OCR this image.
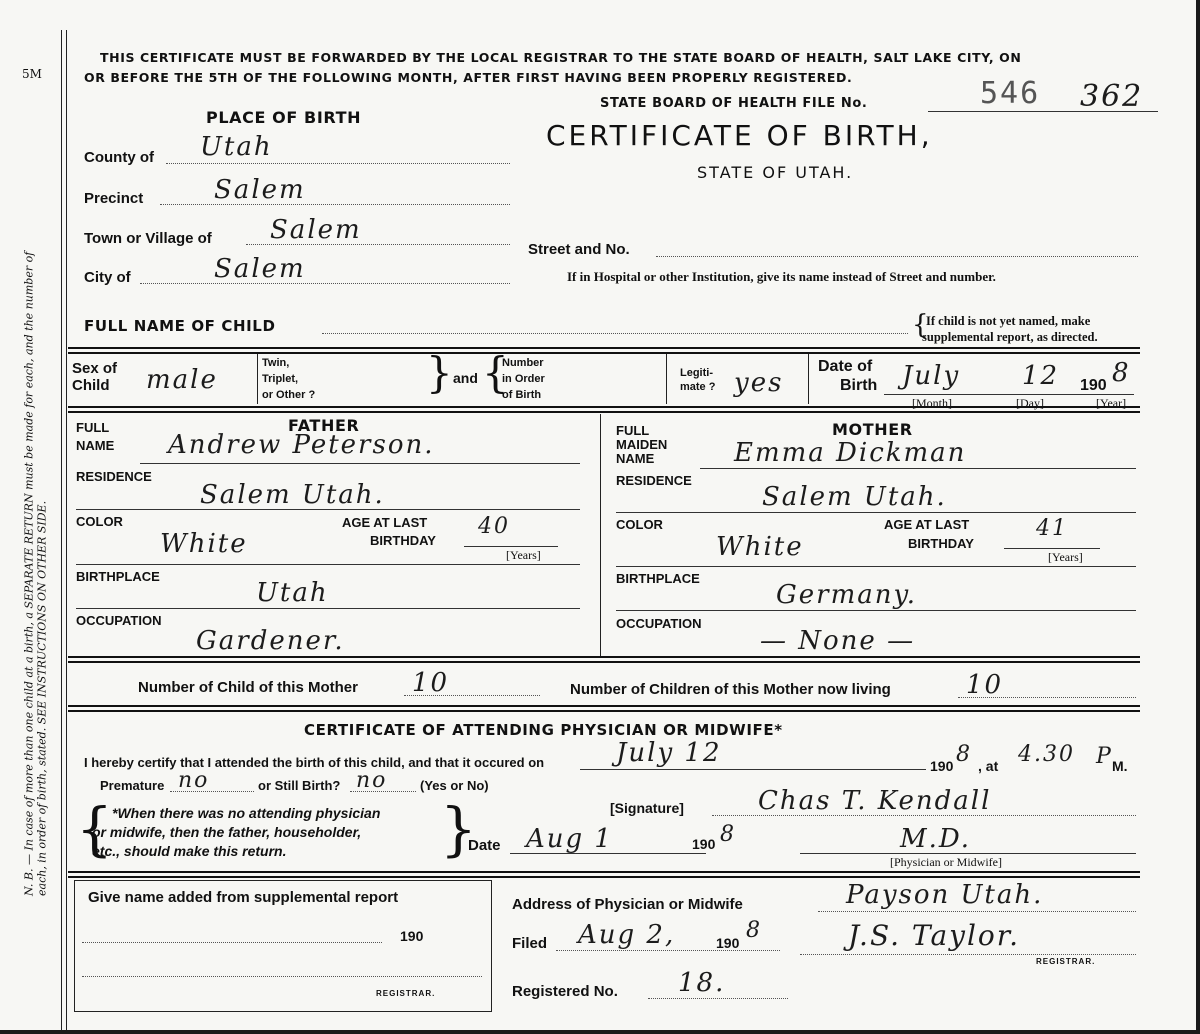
5M
N. B. — In case of more than one child at a birth, a SEPARATE RETURN must be made for each, and the number of each, in order of birth, stated. SEE INSTRUCTIONS ON OTHER SIDE.
THIS CERTIFICATE MUST BE FORWARDED BY THE LOCAL REGISTRAR TO THE STATE BOARD OF HEALTH, SALT LAKE CITY, ON
OR BEFORE THE 5TH OF THE FOLLOWING MONTH, AFTER FIRST HAVING BEEN PROPERLY REGISTERED.
STATE BOARD OF HEALTH FILE No.	546 362
PLACE OF BIRTH
CERTIFICATE OF BIRTH,
STATE OF UTAH.
County of Utah
Precinct	Salem
Town or Village of Salem
City of	Salem
Street and No.
If in Hospital or other Institution, give its name instead of Street and number.
FULL NAME OF CHILD	{
If child is not yet named, make
supplemental report, as directed.
Sex of
Child male
Twin,
Triplet,
or Other ?	} and {
Number
in Order
of Birth
Legiti-
mate ? yes
Date of
Birth July 12 190 8
[Month]	[Day]	[Year]
FULL
NAME
FATHER
Andrew Peterson.
RESIDENCE
Salem Utah.
COLOR
White
AGE AT LAST
BIRTHDAY
40
[Years]
BIRTHPLACE
Utah
OCCUPATION
Gardener.
FULL
MAIDEN
NAME
MOTHER
Emma Dickman
RESIDENCE
Salem Utah.
COLOR
White
AGE AT LAST
BIRTHDAY
41
[Years]
BIRTHPLACE
Germany.
OCCUPATION
— None —
Number of Child of this Mother 10	Number of Children of this Mother now living	10
CERTIFICATE OF ATTENDING PHYSICIAN OR MIDWIFE*
I hereby certify that I attended the birth of this child, and that it occured on	July 12	190 8 , at 4.30 P M.
Premature no	or Still Birth? no	(Yes or No)
{ *When there was no attending physician
or midwife, then the father, householder,
etc., should make this return.	}	[Signature]	Chas T. Kendall
Date Aug 1	190 8	M.D.
[Physician or Midwife]
Give name added from supplemental report
190
REGISTRAR.
Address of Physician or Midwife	Payson Utah.
Filed Aug 2,	190 8	J.S. Taylor.
REGISTRAR.
Registered No. 18.
